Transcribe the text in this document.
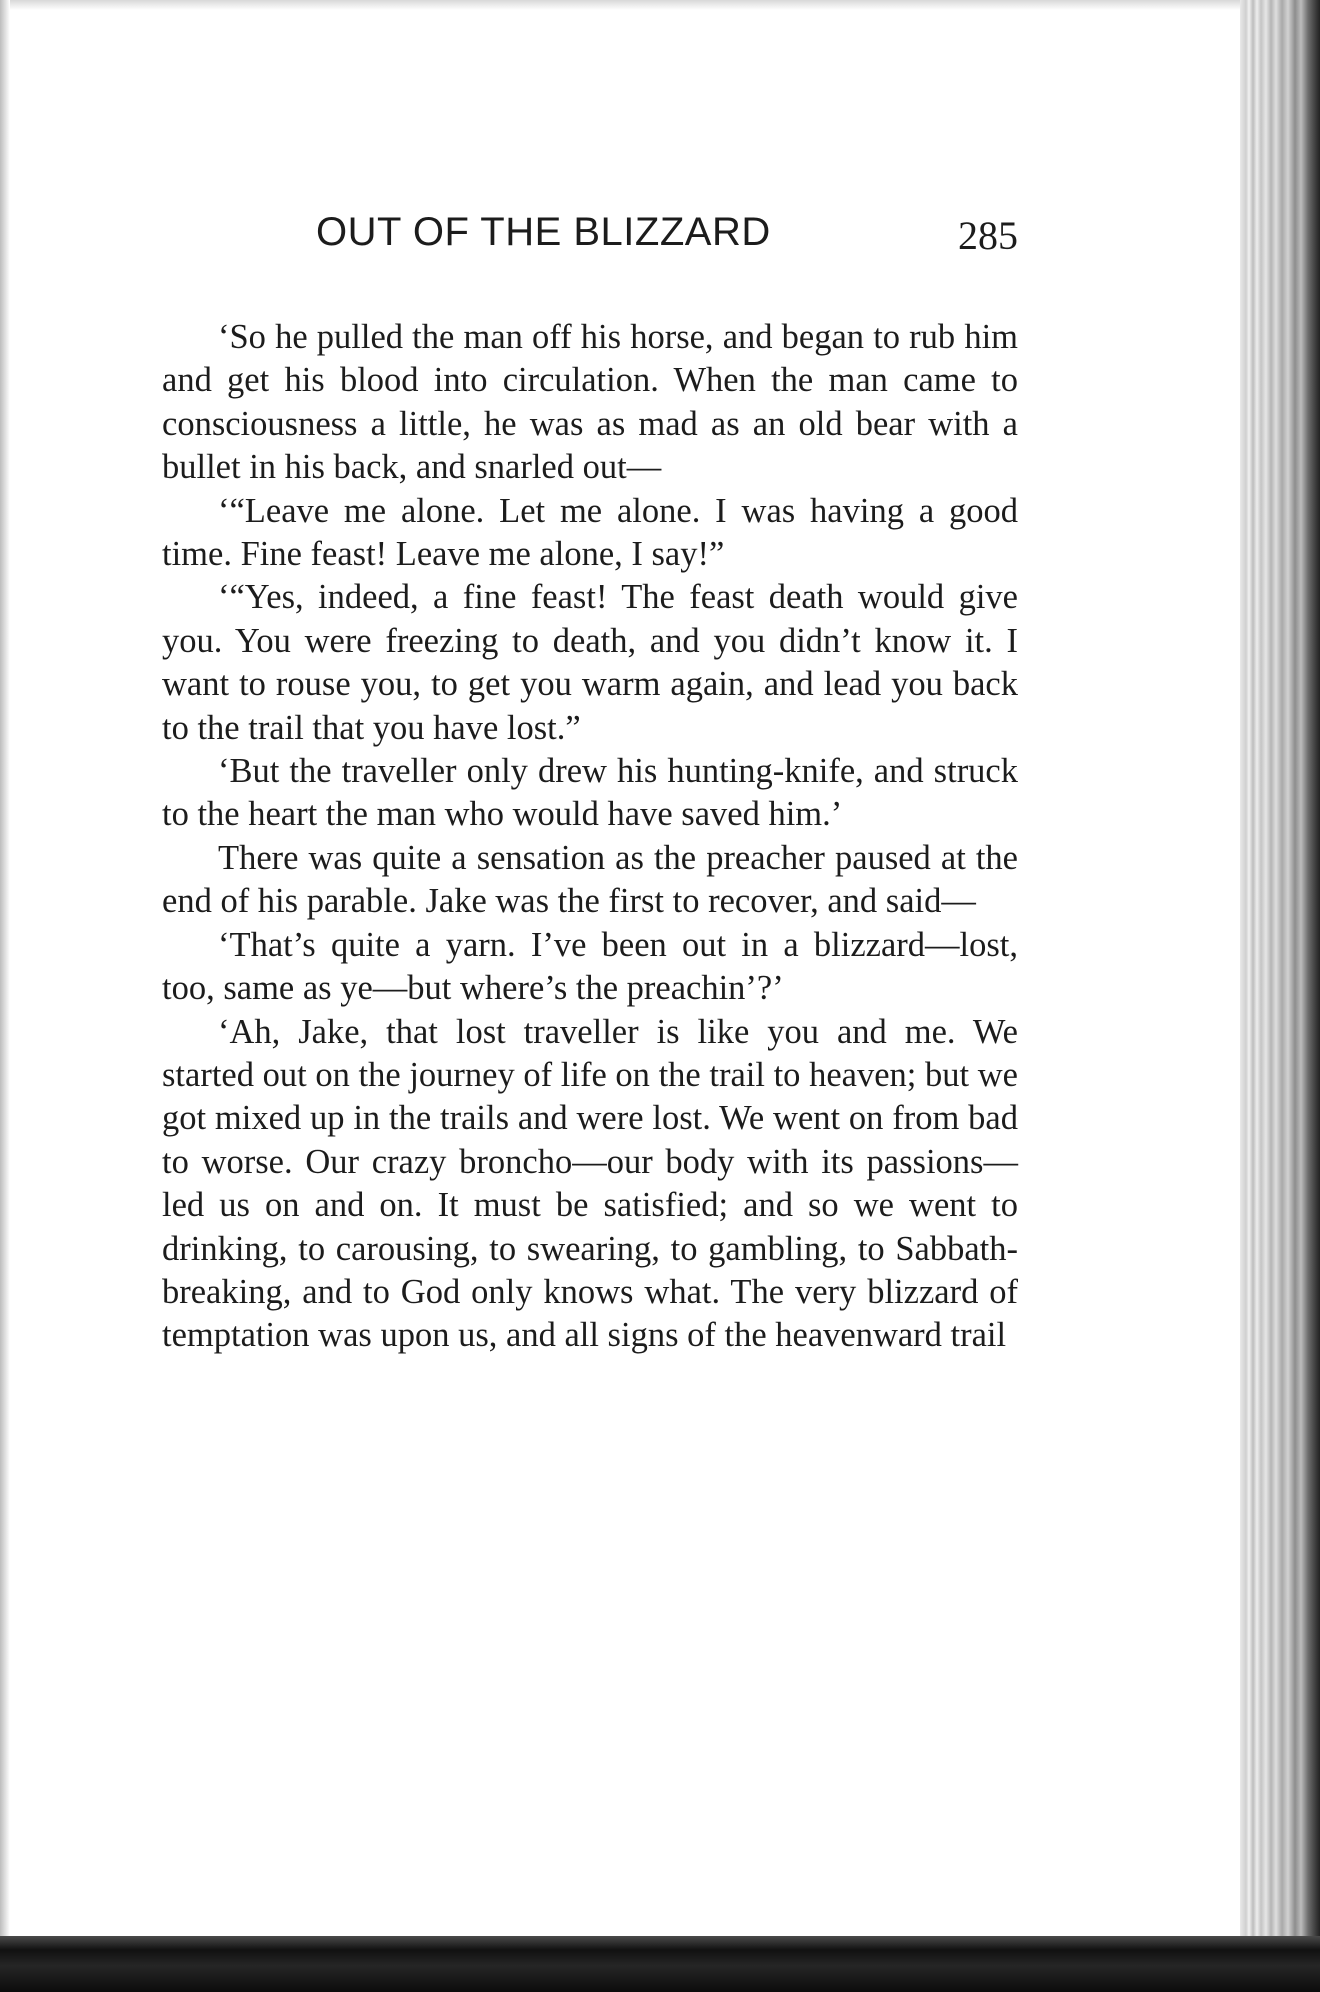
OUT OF THE BLIZZARD	285

‘So he pulled the man off his horse, and began to rub him and get his blood into circulation. When the man came to consciousness a little, he was as mad as an old bear with a bullet in his back, and snarled out—

‘“Leave me alone. Let me alone. I was having a good time. Fine feast! Leave me alone, I say!”

‘“Yes, indeed, a fine feast! The feast death would give you. You were freezing to death, and you didn’t know it. I want to rouse you, to get you warm again, and lead you back to the trail that you have lost.”

‘But the traveller only drew his hunting-knife, and struck to the heart the man who would have saved him.’

There was quite a sensation as the preacher paused at the end of his parable. Jake was the first to recover, and said—

‘That’s quite a yarn. I’ve been out in a blizzard—lost, too, same as ye—but where’s the preachin’?’

‘Ah, Jake, that lost traveller is like you and me. We started out on the journey of life on the trail to heaven; but we got mixed up in the trails and were lost. We went on from bad to worse. Our crazy broncho—our body with its passions—led us on and on. It must be satisfied; and so we went to drinking, to carousing, to swearing, to gambling, to Sabbath-breaking, and to God only knows what. The very blizzard of temptation was upon us, and all signs of the heavenward trail
